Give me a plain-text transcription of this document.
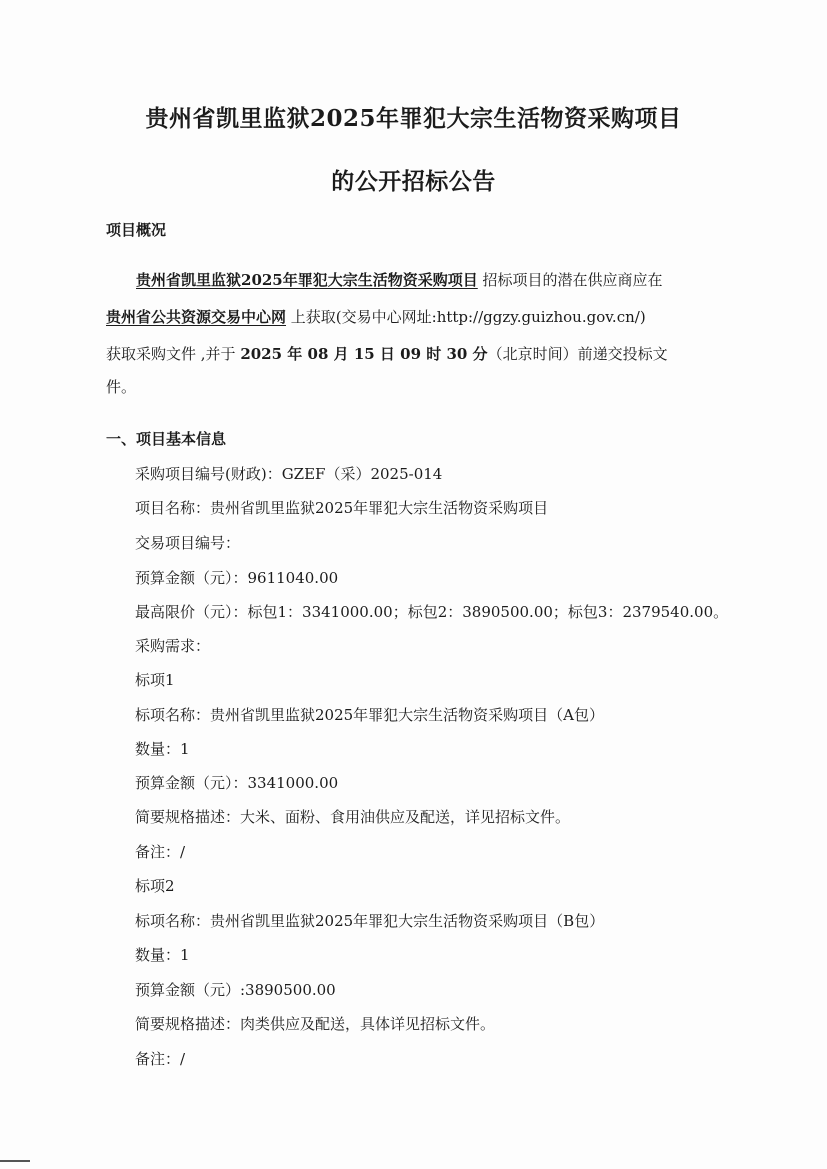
贵州省凯里监狱2025年罪犯大宗生活物资采购项目
的公开招标公告
项目概况
贵州省凯里监狱2025年罪犯大宗生活物资采购项目 招标项目的潜在供应商应在
贵州省公共资源交易中心网 上获取(交易中心网址:http://ggzy.guizhou.gov.cn/)
获取采购文件 ,并于 2025 年 08 月 15 日 09 时 30 分（北京时间）前递交投标文
件。
一、项目基本信息
采购项目编号(财政)：GZEF（采）2025-014
项目名称：贵州省凯里监狱2025年罪犯大宗生活物资采购项目
交易项目编号：
预算金额（元）：9611040.00
最高限价（元）：标包1：3341000.00；标包2：3890500.00；标包3：2379540.00。
采购需求：
标项1
标项名称：贵州省凯里监狱2025年罪犯大宗生活物资采购项目（A包）
数量：1
预算金额（元）：3341000.00
简要规格描述：大米、面粉、食用油供应及配送，详见招标文件。
备注：/
标项2
标项名称：贵州省凯里监狱2025年罪犯大宗生活物资采购项目（B包）
数量：1
预算金额（元）:3890500.00
简要规格描述：肉类供应及配送，具体详见招标文件。
备注：/
